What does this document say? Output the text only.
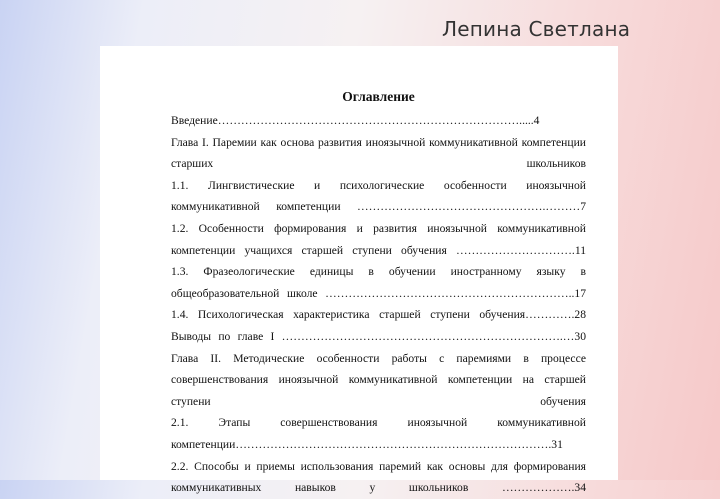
Лепина Светлана
Оглавление
Введение…………………………………………………………………….....4
Глава I. Паремии как основа развития иноязычной коммуникативной компетенции старших школьников
1.1. Лингвистические и психологические особенности иноязычной коммуникативной компетенции ………………………………………….………7
1.2. Особенности формирования и развития иноязычной коммуникативной компетенции учащихся старшей ступени обучения ………………………….11
1.3. Фразеологические единицы в обучении иностранному языку в общеобразовательной школе ………………………………………………………..17
1.4. Психологическая характеристика старшей ступени обучения………….28
Выводы по главе I ……………………………………………………………….…30
Глава II. Методические особенности работы с паремиями в процессе совершенствования иноязычной коммуникативной компетенции на старшей ступени обучения
2.1. Этапы совершенствования иноязычной коммуникативной компетенции……………………………………………………………………….31
2.2. Способы и приемы использования паремий как основы для формирования коммуникативных навыков у школьников ……………….34
